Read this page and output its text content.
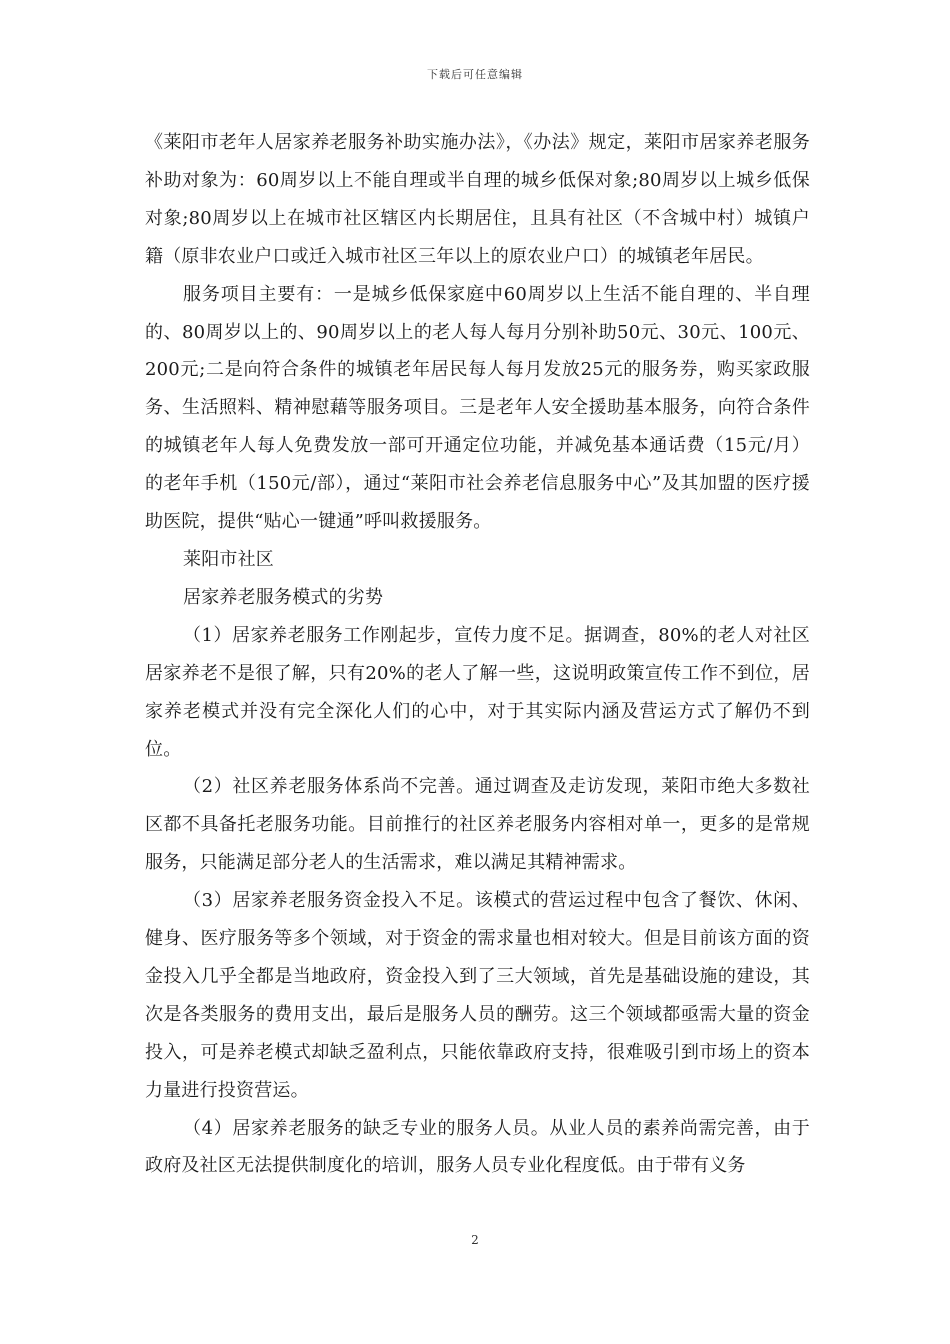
下载后可任意编辑

《莱阳市老年人居家养老服务补助实施办法》，《办法》规定，莱阳市居家养老服务补助对象为：60周岁以上不能自理或半自理的城乡低保对象;80周岁以上城乡低保对象;80周岁以上在城市社区辖区内长期居住，且具有社区（不含城中村）城镇户籍（原非农业户口或迁入城市社区三年以上的原农业户口）的城镇老年居民。

服务项目主要有：一是城乡低保家庭中60周岁以上生活不能自理的、半自理的、80周岁以上的、90周岁以上的老人每人每月分别补助50元、30元、100元、200元;二是向符合条件的城镇老年居民每人每月发放25元的服务券，购买家政服务、生活照料、精神慰藉等服务项目。三是老年人安全援助基本服务，向符合条件的城镇老年人每人免费发放一部可开通定位功能，并减免基本通话费（15元/月）的老年手机（150元/部），通过“莱阳市社会养老信息服务中心”及其加盟的医疗援助医院，提供“贴心一键通”呼叫救援服务。

莱阳市社区

居家养老服务模式的劣势

（1）居家养老服务工作刚起步，宣传力度不足。据调查，80%的老人对社区居家养老不是很了解，只有20%的老人了解一些，这说明政策宣传工作不到位，居家养老模式并没有完全深化人们的心中，对于其实际内涵及营运方式了解仍不到位。

（2）社区养老服务体系尚不完善。通过调查及走访发现，莱阳市绝大多数社区都不具备托老服务功能。目前推行的社区养老服务内容相对单一，更多的是常规服务，只能满足部分老人的生活需求，难以满足其精神需求。

（3）居家养老服务资金投入不足。该模式的营运过程中包含了餐饮、休闲、健身、医疗服务等多个领域，对于资金的需求量也相对较大。但是目前该方面的资金投入几乎全都是当地政府，资金投入到了三大领域，首先是基础设施的建设，其次是各类服务的费用支出，最后是服务人员的酬劳。这三个领域都亟需大量的资金投入，可是养老模式却缺乏盈利点，只能依靠政府支持，很难吸引到市场上的资本力量进行投资营运。

（4）居家养老服务的缺乏专业的服务人员。从业人员的素养尚需完善，由于政府及社区无法提供制度化的培训，服务人员专业化程度低。由于带有义务

2
